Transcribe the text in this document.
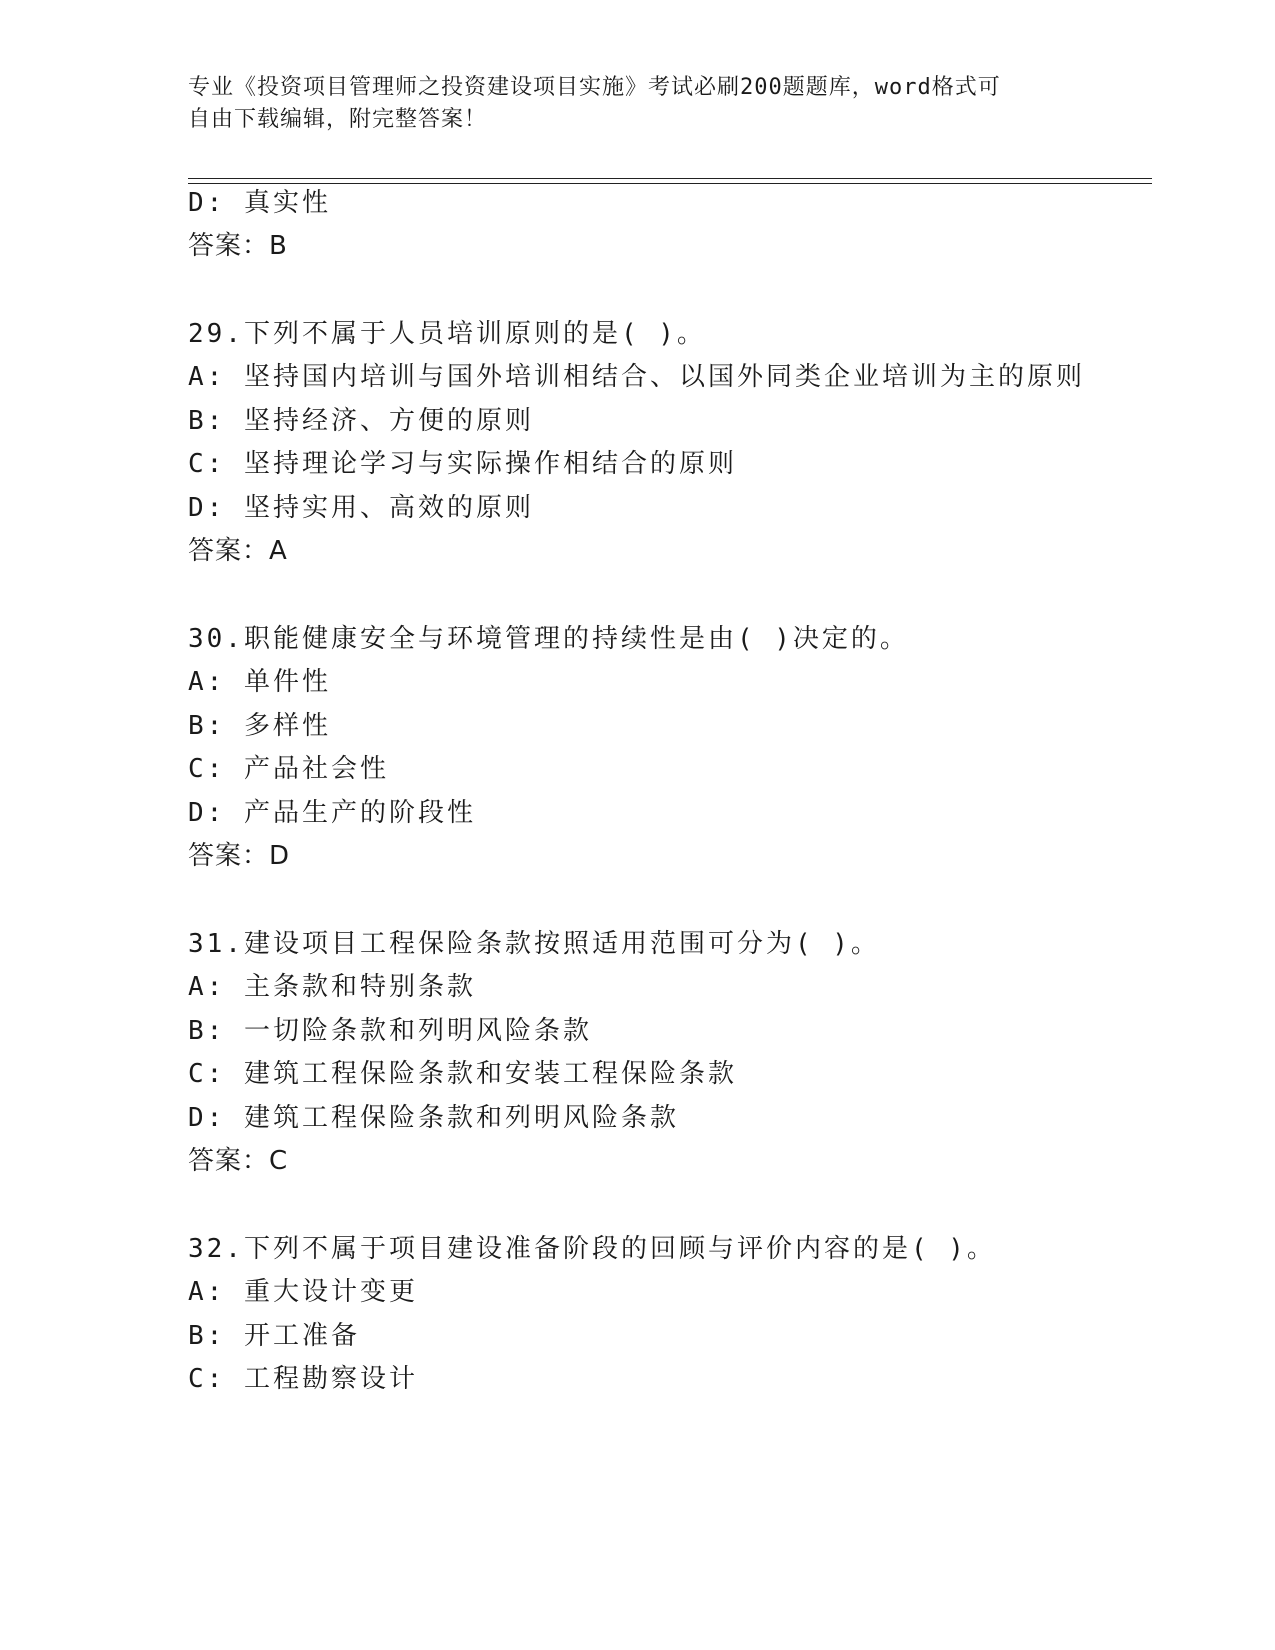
专业《投资项目管理师之投资建设项目实施》考试必刷200题题库，word格式可
自由下载编辑，附完整答案！
D: 真实性
答案：B
29.下列不属于人员培训原则的是( )。
A: 坚持国内培训与国外培训相结合、以国外同类企业培训为主的原则
B: 坚持经济、方便的原则
C: 坚持理论学习与实际操作相结合的原则
D: 坚持实用、高效的原则
答案：A
30.职能健康安全与环境管理的持续性是由( )决定的。
A: 单件性
B: 多样性
C: 产品社会性
D: 产品生产的阶段性
答案：D
31.建设项目工程保险条款按照适用范围可分为( )。
A: 主条款和特别条款
B: 一切险条款和列明风险条款
C: 建筑工程保险条款和安装工程保险条款
D: 建筑工程保险条款和列明风险条款
答案：C
32.下列不属于项目建设准备阶段的回顾与评价内容的是( )。
A: 重大设计变更
B: 开工准备
C: 工程勘察设计
